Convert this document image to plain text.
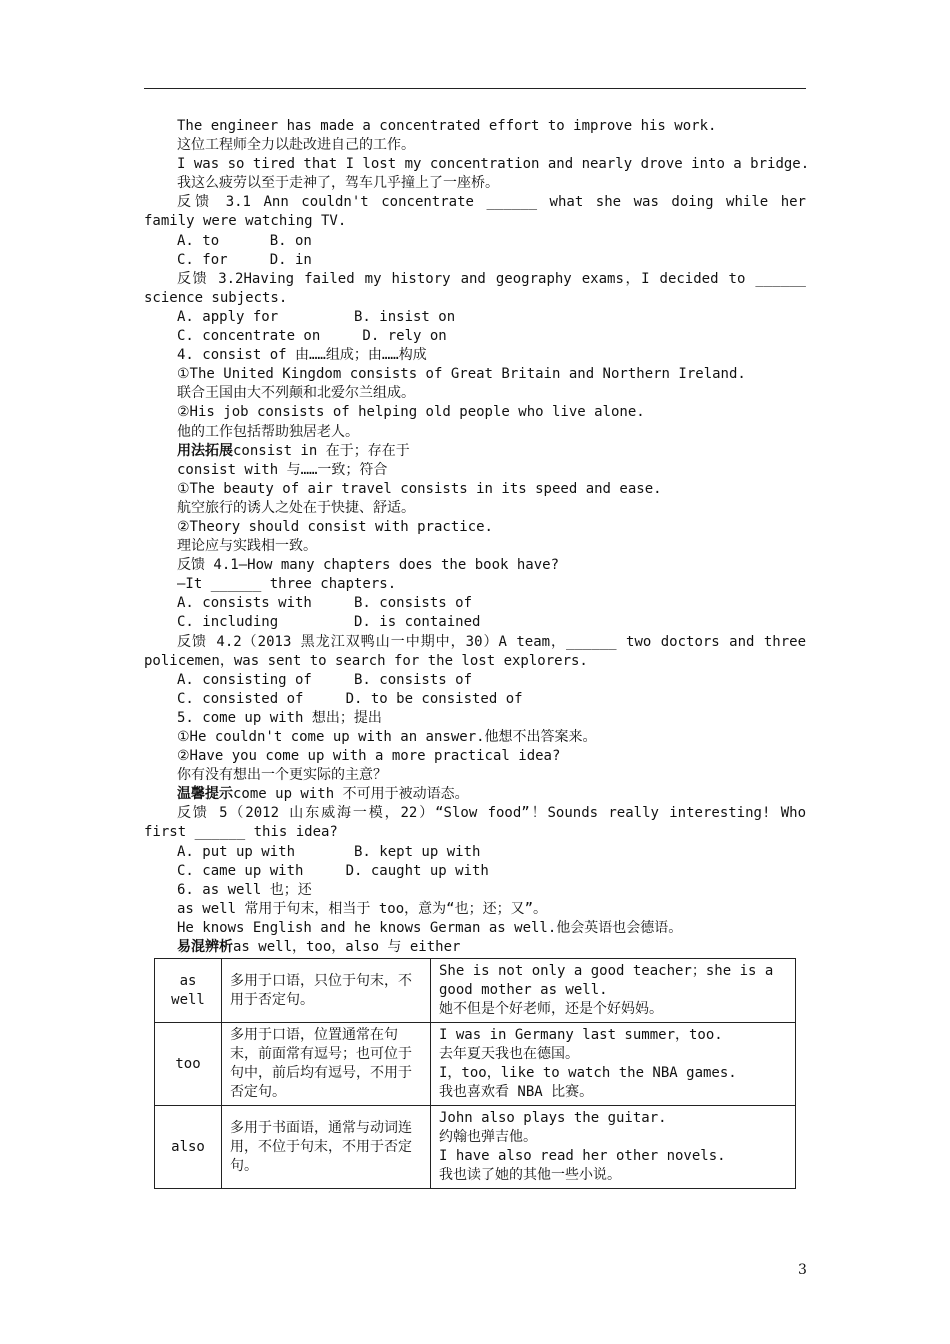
The engineer has made a concentrated effort to improve his work.
这位工程师全力以赴改进自己的工作。
I was so tired that I lost my concentration and nearly drove into a bridge.
我这么疲劳以至于走神了，驾车几乎撞上了一座桥。
反馈 3.1 Ann couldn't concentrate ______ what she was doing while her
family were watching TV.
A. to      B. on
C. for     D. in
反馈 3.2Having failed my history and geography exams，I decided to ______
science subjects.
A. apply for         B. insist on
C. concentrate on     D. rely on
4. consist of 由……组成；由……构成
①The United Kingdom consists of Great Britain and Northern Ireland.
联合王国由大不列颠和北爱尔兰组成。
②His job consists of helping old people who live alone.
他的工作包括帮助独居老人。
用法拓展consist in 在于；存在于
consist with 与……一致；符合
①The beauty of air travel consists in its speed and ease.
航空旅行的诱人之处在于快捷、舒适。
②Theory should consist with practice.
理论应与实践相一致。
反馈 4.1—How many chapters does the book have?
—It ______ three chapters.
A. consists with     B. consists of
C. including         D. is contained
反馈 4.2（2013 黑龙江双鸭山一中期中，30）A team，______ two doctors and three
policemen，was sent to search for the lost explorers.
A. consisting of     B. consists of
C. consisted of     D. to be consisted of
5. come up with 想出；提出
①He couldn't come up with an answer.他想不出答案来。
②Have you come up with a more practical idea?
你有没有想出一个更实际的主意？
温馨提示come up with 不可用于被动语态。
反馈 5（2012 山东威海一模，22）“Slow food”！Sounds really interesting! Who
first ______ this idea?
A. put up with       B. kept up with
C. came up with     D. caught up with
6. as well 也；还
as well 常用于句末，相当于 too，意为“也；还；又”。
He knows English and he knows German as well.他会英语也会德语。
易混辨析as well，too，also 与 either
as well	多用于口语，只位于句末，不用于否定句。	She is not only a good teacher；she is a good mother as well.
她不但是个好老师，还是个好妈妈。

too	多用于口语，位置通常在句末，前面常有逗号；也可位于句中，前后均有逗号，不用于否定句。	I was in Germany last summer，too.
去年夏天我也在德国。
I，too，like to watch the NBA games.
我也喜欢看 NBA 比赛。

also	多用于书面语，通常与动词连用，不位于句末，不用于否定句。	John also plays the guitar.
约翰也弹吉他。
I have also read her other novels.
我也读了她的其他一些小说。
3
